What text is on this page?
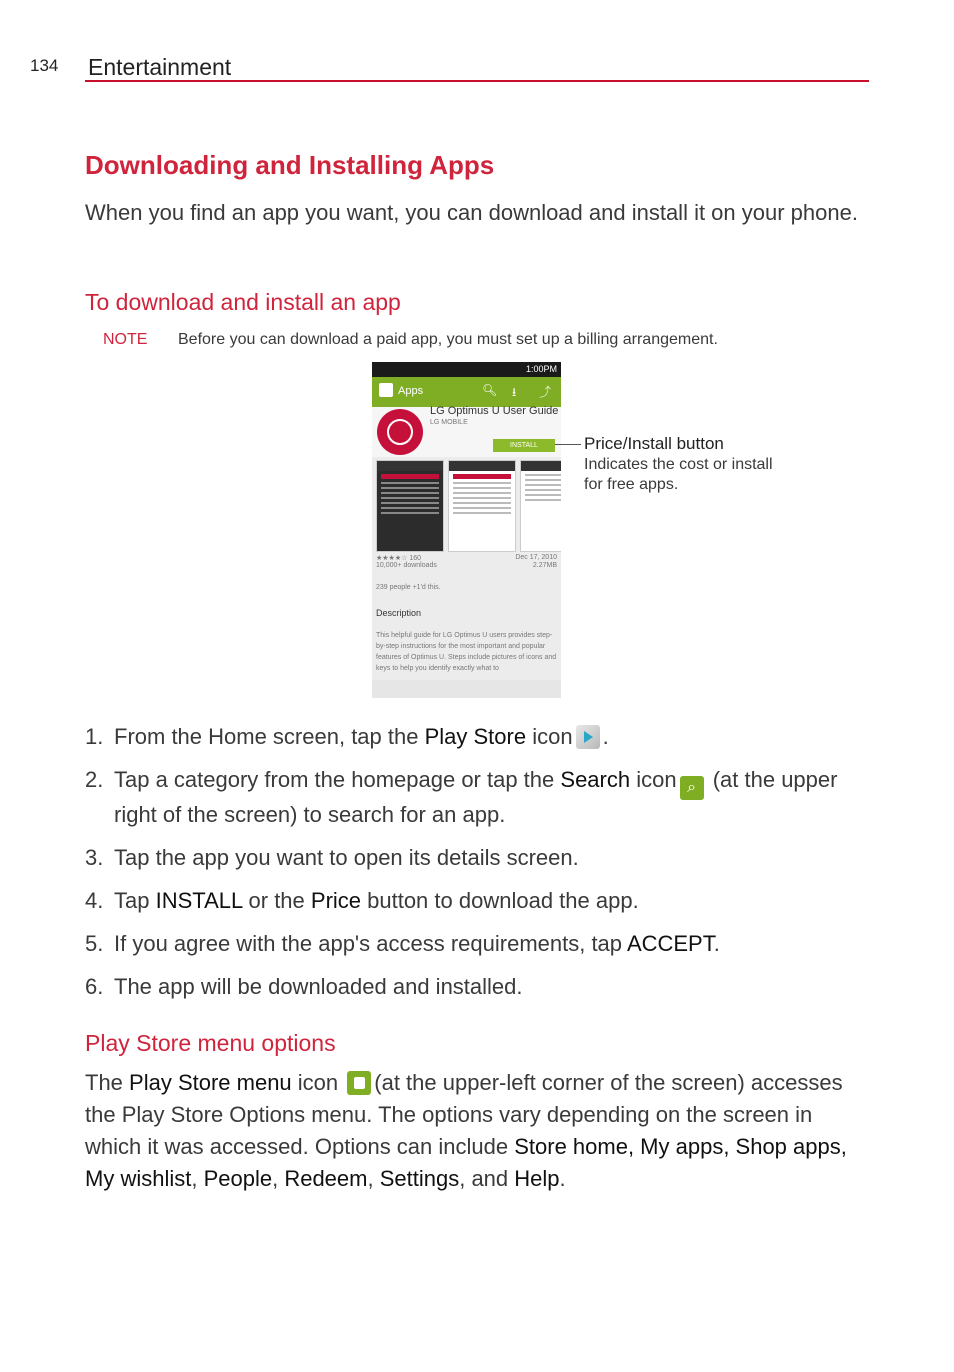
134 Entertainment
Downloading and Installing Apps
When you find an app you want, you can download and install it on your phone.
To download and install an app
NOTE Before you can download a paid app, you must set up a billing arrangement.
1:00PM
Apps	🔍︎ ⭳ ⤴
LG Optimus U User Guide
LG MOBILE
INSTALL
★★★★☆ 160	Dec 17, 2010
10,000+ downloads	2.27MB
239 people +1'd this.
Description
This helpful guide for LG Optimus U users provides step-by-step instructions for the most important and popular features of Optimus U. Steps include pictures of icons and keys to help you identify exactly what to
Price/Install button
Indicates the cost or install for free apps.
1. From the Home screen, tap the Play Store icon .
2. Tap a category from the homepage or tap the Search icon ⌕ (at the upper right of the screen) to search for an app.
3. Tap the app you want to open its details screen.
4. Tap INSTALL or the Price button to download the app.
5. If you agree with the app's access requirements, tap ACCEPT.
6. The app will be downloaded and installed.
Play Store menu options
The Play Store menu icon (at the upper-left corner of the screen) accesses the Play Store Options menu. The options vary depending on the screen in which it was accessed. Options can include Store home, My apps, Shop apps, My wishlist, People, Redeem, Settings, and Help.
